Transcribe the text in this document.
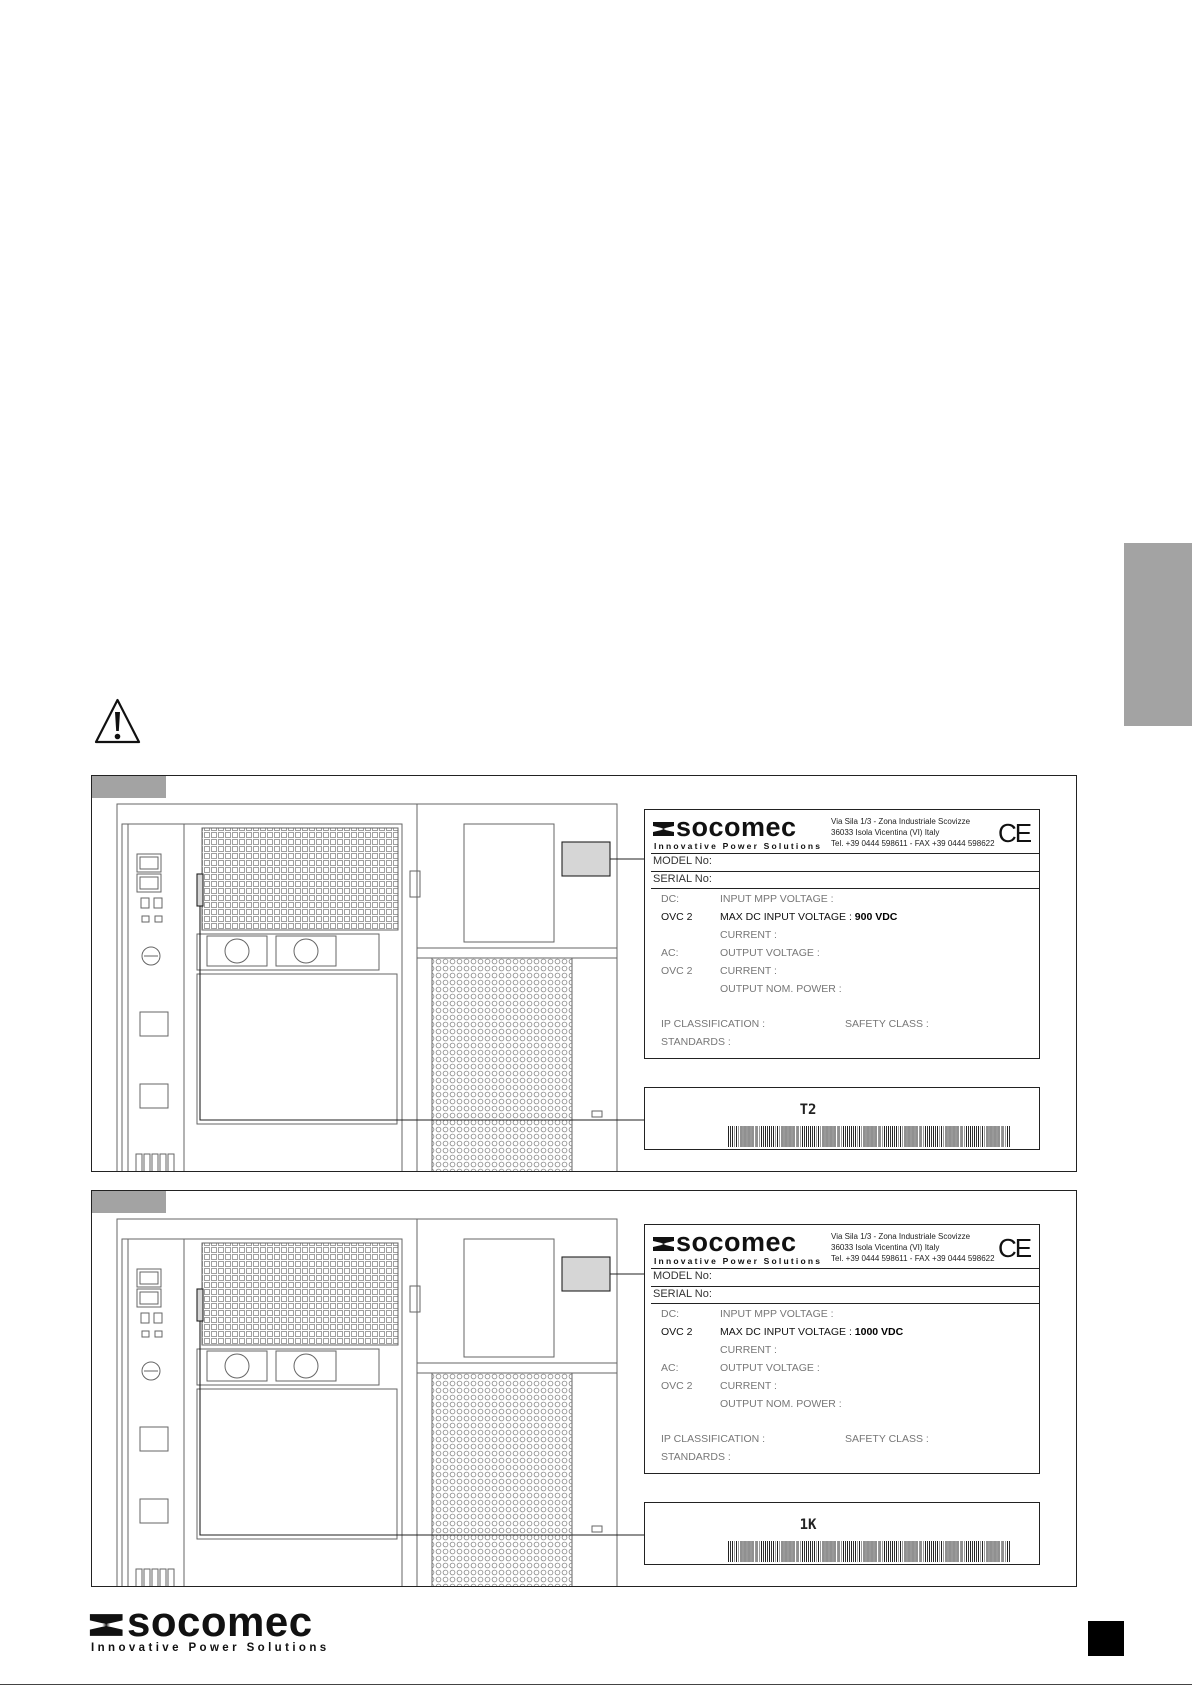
socomec
Innovative Power Solutions
Via Sila 1/3 - Zona Industriale Scovizze
36033 Isola Vicentina (VI) Italy
Tel. +39 0444 598611 - FAX +39 0444 598622 CE
MODEL No:
SERIAL No:
DC:	INPUT MPP VOLTAGE :
OVC 2	MAX DC INPUT VOLTAGE : 900 VDC
CURRENT :
AC:	OUTPUT VOLTAGE :
OVC 2	CURRENT :
OUTPUT NOM. POWER :
IP CLASSIFICATION :	SAFETY CLASS :
STANDARDS :
T2
socomec
Innovative Power Solutions
Via Sila 1/3 - Zona Industriale Scovizze
36033 Isola Vicentina (VI) Italy
Tel. +39 0444 598611 - FAX +39 0444 598622 CE
MODEL No:
SERIAL No:
DC:	INPUT MPP VOLTAGE :
OVC 2	MAX DC INPUT VOLTAGE : 1000 VDC
CURRENT :
AC:	OUTPUT VOLTAGE :
OVC 2	CURRENT :
OUTPUT NOM. POWER :
IP CLASSIFICATION :	SAFETY CLASS :
STANDARDS :
1K
socomec
Innovative Power Solutions
